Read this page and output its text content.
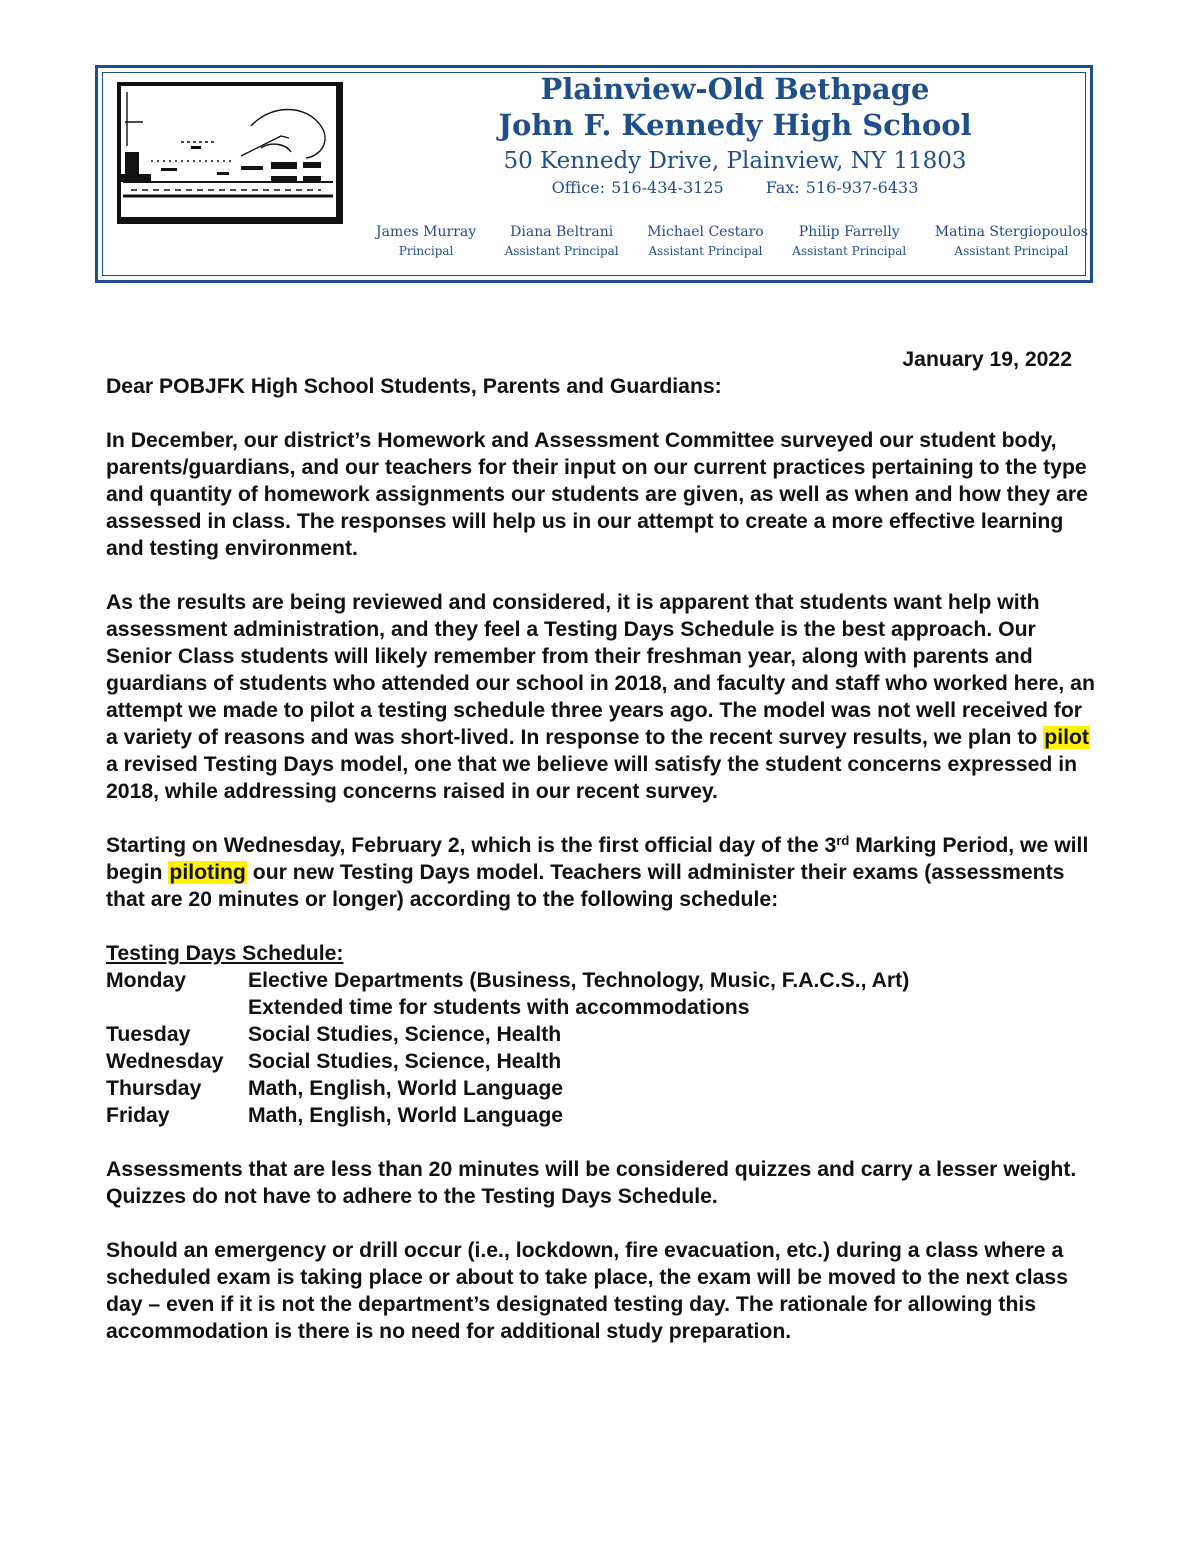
Plainview-Old Bethpage
John F. Kennedy High School
50 Kennedy Drive, Plainview, NY 11803
Office: 516-434-3125	Fax: 516-937-6433
James Murray
Principal
Diana Beltrani
Assistant Principal
Michael Cestaro
Assistant Principal
Philip Farrelly
Assistant Principal
Matina Stergiopoulos
Assistant Principal
January 19, 2022

Dear POBJFK High School Students, Parents and Guardians:

In December, our district’s Homework and Assessment Committee surveyed our student body, parents/guardians, and our teachers for their input on our current practices pertaining to the type and quantity of homework assignments our students are given, as well as when and how they are assessed in class. The responses will help us in our attempt to create a more effective learning and testing environment.

As the results are being reviewed and considered, it is apparent that students want help with assessment administration, and they feel a Testing Days Schedule is the best approach. Our Senior Class students will likely remember from their freshman year, along with parents and guardians of students who attended our school in 2018, and faculty and staff who worked here, an attempt we made to pilot a testing schedule three years ago. The model was not well received for a variety of reasons and was short-lived. In response to the recent survey results, we plan to pilot a revised Testing Days model, one that we believe will satisfy the student concerns expressed in 2018, while addressing concerns raised in our recent survey.

Starting on Wednesday, February 2, which is the first official day of the 3rd Marking Period, we will begin piloting our new Testing Days model. Teachers will administer their exams (assessments that are 20 minutes or longer) according to the following schedule:

Testing Days Schedule:

Monday	Elective Departments (Business, Technology, Music, F.A.C.S., Art)
Extended time for students with accommodations
Tuesday	Social Studies, Science, Health
Wednesday	Social Studies, Science, Health
Thursday	Math, English, World Language
Friday	Math, English, World Language

Assessments that are less than 20 minutes will be considered quizzes and carry a lesser weight. Quizzes do not have to adhere to the Testing Days Schedule.

Should an emergency or drill occur (i.e., lockdown, fire evacuation, etc.) during a class where a scheduled exam is taking place or about to take place, the exam will be moved to the next class day – even if it is not the department’s designated testing day. The rationale for allowing this accommodation is there is no need for additional study preparation.
